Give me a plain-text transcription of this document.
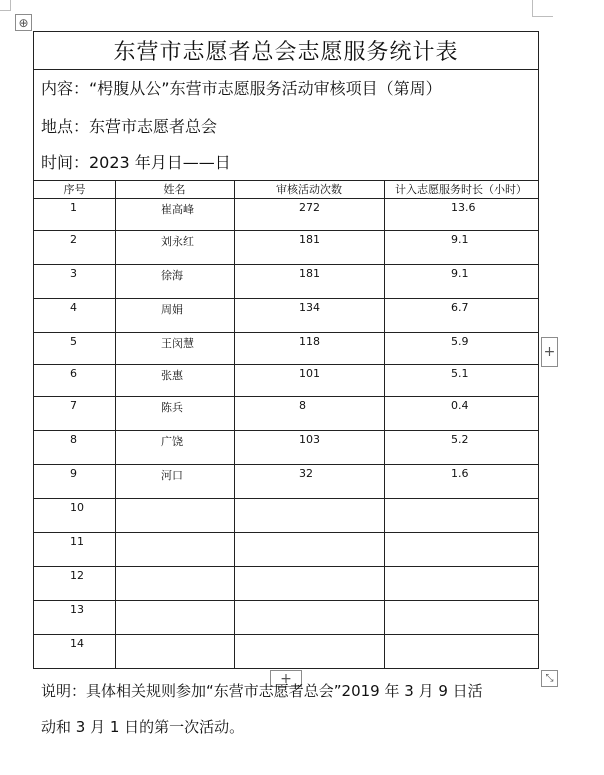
⊕
东营市志愿者总会志愿服务统计表
内容：“枵腹从公”东营市志愿服务活动审核项目（第周）
地点：东营市志愿者总会
时间：2023 年月日——日
序号	姓名	审核活动次数	计入志愿服务时长（小时）
1	崔高峰	272	13.6
2	刘永红	181	9.1
3	徐海	181	9.1
4	周娟	134	6.7
5	王闵慧	118	5.9
6	张惠	101	5.1
7	陈兵	8	0.4
8	广饶	103	5.2
9	河口	32	1.6
10
11
12
13
14
+
+	⤡
说明：具体相关规则参加“东营市志愿者总会”2019 年 3 月 9 日活
动和 3 月 1 日的第一次活动。
